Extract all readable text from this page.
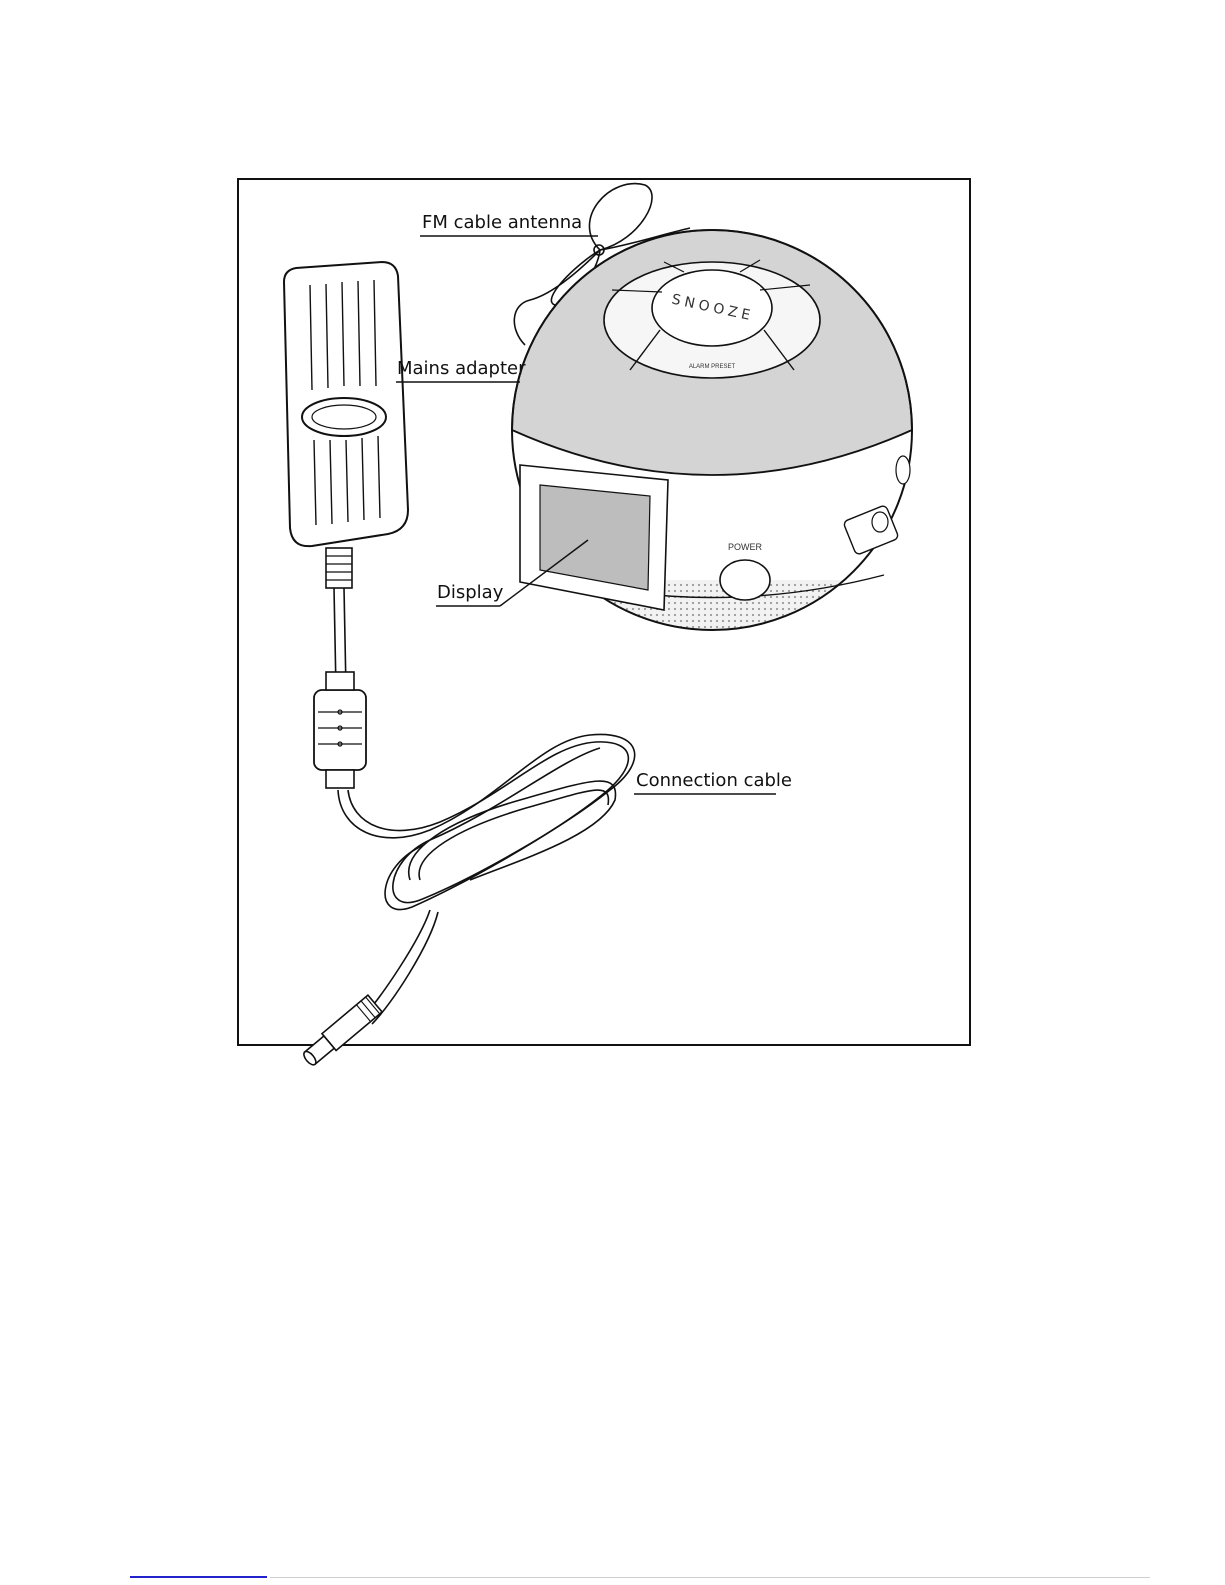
SNOOZE
ALARM PRESET
POWER
FM cable antenna
Mains adapter
Display
Connection cable
